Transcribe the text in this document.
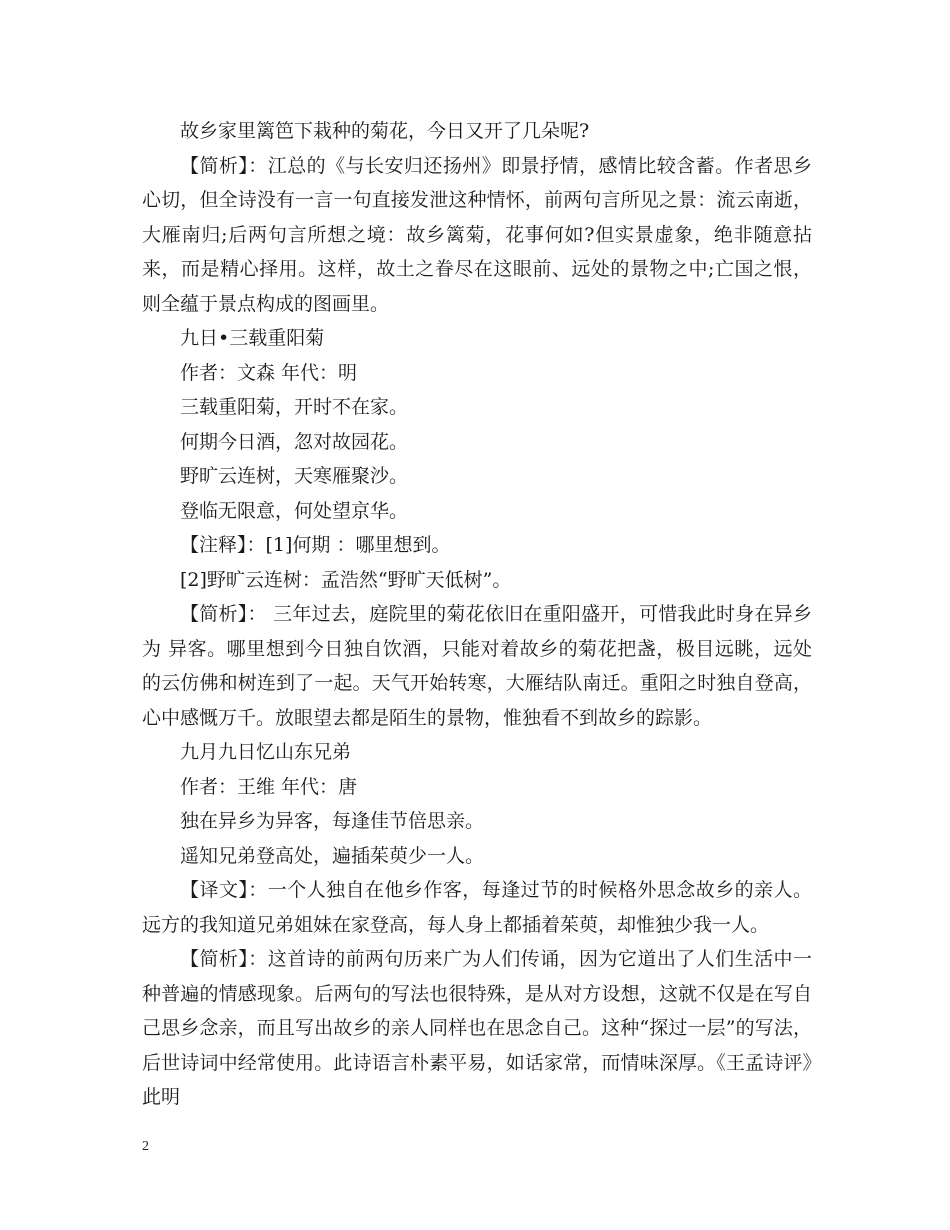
故乡家里篱笆下栽种的菊花，今日又开了几朵呢?

【简析】：江总的《与长安归还扬州》即景抒情，感情比较含蓄。作者思乡心切，但全诗没有一言一句直接发泄这种情怀，前两句言所见之景：流云南逝，大雁南归;后两句言所想之境：故乡篱菊，花事何如?但实景虚象，绝非随意拈来，而是精心择用。这样，故土之眷尽在这眼前、远处的景物之中;亡国之恨，则全蕴于景点构成的图画里。

九日•三载重阳菊

作者：文森 年代：明

三载重阳菊，开时不在家。

何期今日酒，忽对故园花。

野旷云连树，天寒雁聚沙。

登临无限意，何处望京华。

【注释】：[1]何期 ：哪里想到。

[2]野旷云连树：孟浩然“野旷天低树”。

【简析】： 三年过去，庭院里的菊花依旧在重阳盛开，可惜我此时身在异乡为 异客。哪里想到今日独自饮酒，只能对着故乡的菊花把盏，极目远眺，远处的云仿佛和树连到了一起。天气开始转寒，大雁结队南迁。重阳之时独自登高，心中感慨万千。放眼望去都是陌生的景物，惟独看不到故乡的踪影。

九月九日忆山东兄弟

作者：王维 年代：唐

独在异乡为异客，每逢佳节倍思亲。

遥知兄弟登高处，遍插茱萸少一人。

【译文】：一个人独自在他乡作客，每逢过节的时候格外思念故乡的亲人。远方的我知道兄弟姐妹在家登高，每人身上都插着茱萸，却惟独少我一人。

【简析】：这首诗的前两句历来广为人们传诵，因为它道出了人们生活中一种普遍的情感现象。后两句的写法也很特殊，是从对方设想，这就不仅是在写自己思乡念亲，而且写出故乡的亲人同样也在思念自己。这种“探过一层”的写法，后世诗词中经常使用。此诗语言朴素平易，如话家常，而情味深厚。《王孟诗评》此明

2
